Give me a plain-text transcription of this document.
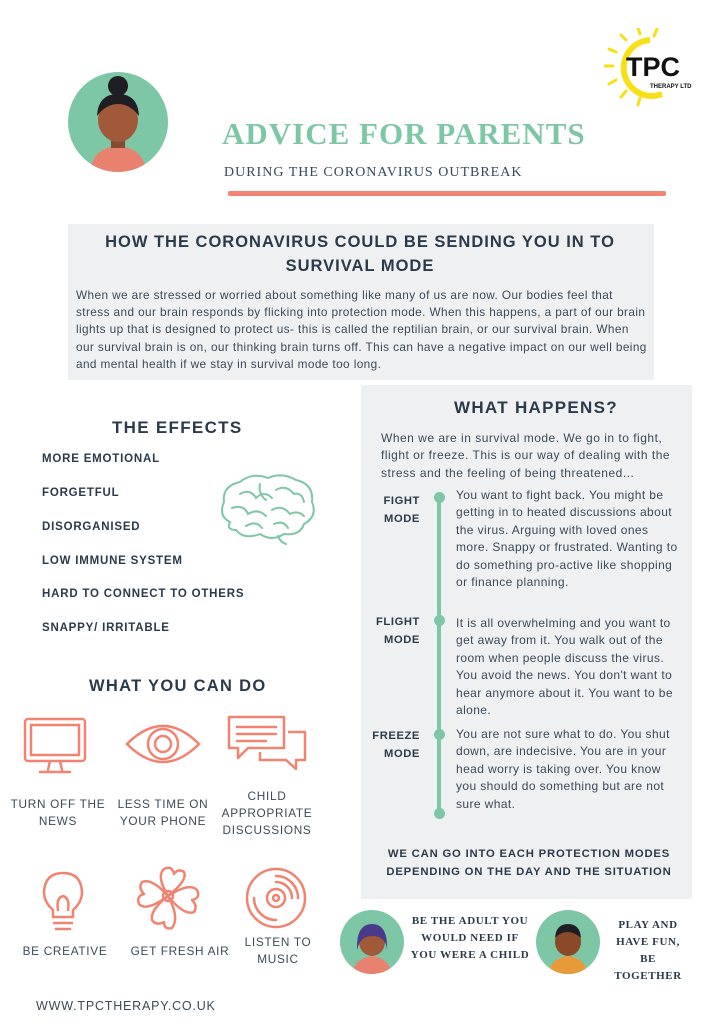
TPC
THERAPY LTD
ADVICE FOR PARENTS
DURING THE CORONAVIRUS OUTBREAK
HOW THE CORONAVIRUS COULD BE SENDING YOU IN TO SURVIVAL MODE
When we are stressed or worried about something like many of us are now. Our bodies feel that stress and our brain responds by flicking into protection mode. When this happens, a part of our brain lights up that is designed to protect us- this is called the reptilian brain, or our survival brain. When our survival brain is on, our thinking brain turns off. This can have a negative impact on our well being and mental health if we stay in survival mode too long.
THE EFFECTS
MORE EMOTIONAL
FORGETFUL
DISORGANISED
LOW IMMUNE SYSTEM
HARD TO CONNECT TO OTHERS
SNAPPY/ IRRITABLE
WHAT YOU CAN DO
TURN OFF THE NEWS
LESS TIME ON YOUR PHONE
CHILD APPROPRIATE DISCUSSIONS
BE CREATIVE	GET FRESH AIR
LISTEN TO MUSIC
WHAT HAPPENS?
When we are in survival mode. We go in to fight, flight or freeze. This is our way of dealing with the stress and the feeling of being threatened...
FIGHT MODE
You want to fight back. You might be getting in to heated discussions about the virus. Arguing with loved ones more. Snappy or frustrated. Wanting to do something pro-active like shopping or finance planning.
FLIGHT MODE
It is all overwhelming and you want to get away from it. You walk out of the room when people discuss the virus. You avoid the news. You don't want to hear anymore about it. You want to be alone.
FREEZE MODE
You are not sure what to do. You shut down, are indecisive. You are in your head worry is taking over. You know you should do something but are not sure what.
WE CAN GO INTO EACH PROTECTION MODES DEPENDING ON THE DAY AND THE SITUATION
BE THE ADULT YOU WOULD NEED IF YOU WERE A CHILD
PLAY AND HAVE FUN, BE TOGETHER
WWW.TPCTHERAPY.CO.UK
